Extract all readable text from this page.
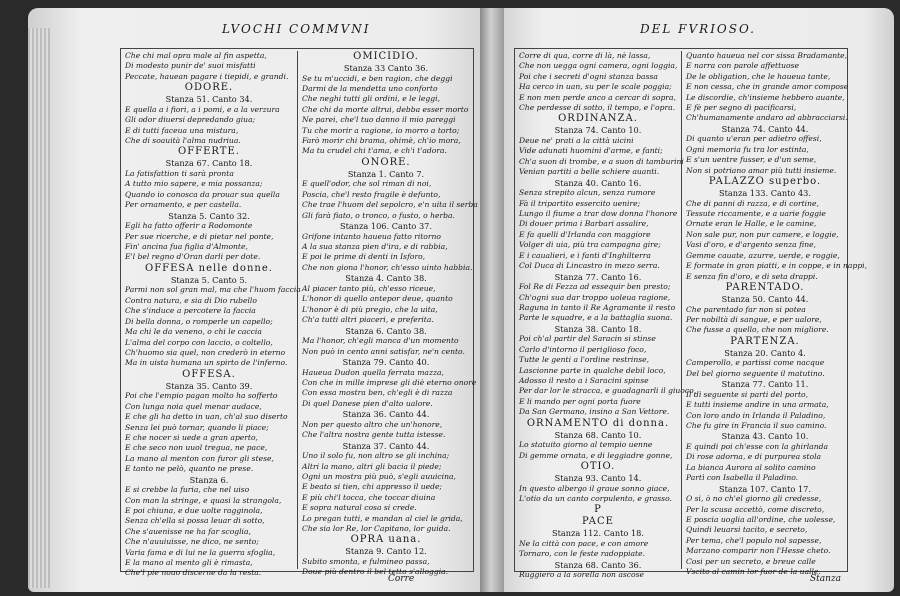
LVOCHI COMMVNI
Che chi mal opra male al fin aspetta,
Di modesto punir de' suoi misfatti
Peccate, hauean pagare i tiepidi, e grandi.
ODORE.
Stanza 51. Canto 34.
E quella a i fiori, a i pomi, e a la verzura
Gli odor diuersi depredando giua;
E di tutti faceua una mistura,
Che di soauità l'alma nudriua.
OFFERTE.
Stanza 67. Canto 18.
La fatisfattion ti sarà pronta
A tutto mio sapere, e mia possanza;
Quando io conosca da prouar sua quella
Per ornamento, e per castella.
Stanza 5. Canto 32.
Egli ha fatto offerir a Rodomonte
Per sue ricerche, e di pietar nel ponte,
Fin' ancina fua figlia d'Almonte,
E'l bel regno d'Oran darli per dote.
OFFESA nelle donne.
Stanza 5. Canto 5.
Parmi non sol gran mal, ma che l'huom faccia
Contra natura, e sia di Dio rubello
Che s'induce a percotere la faccia
Di bella donna, o romperle un capello;
Ma chi le da veneno, o chi le caccia
L'alma del corpo con laccio, o coltello,
Ch'huomo sia quel, non crederò in eterno
Ma in uista humana un spirto de l'inferno.
OFFESA.
Stanza 35. Canto 39.
Poi che l'empio pagan molto ha sofferto
Con lunga noia quel menar audace,
E che gli ha detto in uan, ch'al suo diserto
Senza lei può tornar, quando li piace;
E che nocer si uede a gran aperto,
E che seco non uuol tregua, ne pace,
La mano al menton con furor gli stese,
E tanto ne pelò, quanto ne prese.
Stanza 6.
E si crebbe la furia, che nel uiso
Con man la stringe, e quasi la strangola,
E poi chiuna, e due uolte ragginola,
Senza ch'ella si possa leuar di sotto,
Che s'auenisse ne ha far scoglia,
Che n'auuiuisse, ne dico, ne sento;
Varia fama e di lui ne la guerra sfoglia,
E la mano al mento gli è rimasta,
Che'l pie nouo discerne da la resta.
OMICIDIO.
Stanza 33 Canto 36.
Se tu m'uccidi, e ben ragion, che deggi
Darmi de la mendetta uno conforto
Che neghi tutti gli ordini, e le leggi,
Che chi da morte altrui, debba esser morto
Ne parei, che'l tuo danno il mio pareggi
Tu che morir a ragione, io morro a torto;
Farò morir chi brama, ohimè, ch'io mora,
Ma tu crudel chi t'ama, e ch'i t'adora.
ONORE.
Stanza 1. Canto 7.
E quell'odor, che sol riman di noi,
Poscia, che'l resto fragile è defunto,
Che trae l'huom del sepolcro, e'n uita il serba
Gli farà fiato, o tronco, o fusto, o herba.
Stanza 106. Canto 37.
Grifone intanto haueua fatto ritorno
A la sua stanza pien d'ira, e di rabbia,
E poi le prime di denti in Isforo,
Che non giona l'honor, ch'esso uinto habbia.
Stanza 4. Canto 38.
Al piacer tanto più, ch'esso riceue,
L'honor di quello antepor deue, quanto
L'honor è di più pregio, che la uita,
Ch'a tutti altri piaceri, e preferita.
Stanza 6. Canto 38.
Ma l'honor, ch'egli manca d'un momento
Non può in cento anni satisfar, ne'n cento.
Stanza 79. Canto 40.
Haueua Dudon quella ferrata mazza,
Con che in mille imprese gli diè eterno onore
Con essa mostra ben, ch'egli è di razza
Di quel Danese pien d'alto ualore.
Stanza 36. Canto 44.
Non per questo altro che un'honore,
Che l'altra nostra gente tutta istesse.
Stanza 37. Canto 44.
Uno il solo fu, non altro se gli inchina;
Altri la mano, altri gli bacia il piede;
Ogni un mostra più può, s'egli auuicina,
E beato si tien, chi appresso il uede;
E più chi'l tocca, che toccar diuina
E sopra natural cosa si crede.
Lo pregan tutti, e mandan al ciel le grida,
Che sia lor Re, lor Capitano, lor guida.
OPRA uana.
Stanza 9. Canto 12.
Subito smonta, e fulmineo passa,
Doue più dentro il bel tetto s'alloggia.
Corre
DEL FVRIOSO.
Corre di qua, corre di là, nè lassa,
Che non uegga ogni camera, ogni loggia,
Poi che i secreti d'ogni stanza bassa
Ha cerco in uan, su per le scale poggia;
E non men perde anco a cercar di sopra,
Che perdesse di sotto, il tempo, e l'opra.
ORDINANZA.
Stanza 74. Canto 10.
Deue ne' prati a la città uicini
Vide adunati huomini d'arme, e fanti;
Ch'a suon di trombe, e a suon di tamburini
Venian partiti a belle schiere auanti.
Stanza 40. Canto 16.
Senza strepito alcun, senza rumore
Fà il tripartito essercito uenire;
Lungo il fiume a trar dow donna l'honore
Di douer prima i Barbari assalire,
E fa quelli d'Irlanda con maggiore
Volger di uia, più tra campagna gire;
E i caualieri, e i fanti d'Inghilterra
Col Duca di Lincastro in mezo serra.
Stanza 77. Canto 16.
Fol Re di Fezza ad essequir ben presto;
Ch'ogni sua dar troppo uoleua ragione,
Raguna in tanto il Re Agramante il resto
Parte le squadre, e a la battaglia suona.
Stanza 38. Canto 18.
Poi ch'al partir del Saracin si stinse
Carlo d'intorno il periglioso foco,
Tutte le genti a l'ordine restrinse,
Lascionne parte in qualche debil loco,
Adosso il resto a i Saracini spinse
Per dar lor le stracca, e guadagnarli il giuoco,
E li mando per ogni porta fuore
Da San Germano, insino a San Vettore.
ORNAMENTO di donna.
Stanza 68. Canto 10.
Lo statuito giorno al tempio uenne
Di gemme ornata, e di leggiadre gonne,
OTIO.
Stanza 93. Canto 14.
In questo albergo il graue sonno giace,
L'otio da un canto corpulento, e grasso.
P
PACE
Stanza 112. Canto 18.
Ne la città con pace, e con amore
Tornaro, con le feste radoppiate.
Stanza 68. Canto 36.
Ruggiero a la sorella non ascose
Quanto haueua nel cor sissa Bradamante,
E narra con parole affettuose
De le obligation, che le haueua tante,
E non cessa, che in grande amor compose
Le discordie, ch'insieme hebbero auante,
E fè per segno di pacificarsi,
Ch'humanamente andaro ad abbracciarsi.
Stanza 74. Canto 44.
Di quanto u'eran per adietro offesi,
Ogni memoria fu tra lor estinta,
E s'un uentre fusser, e d'un seme,
Non si potriano amar più tutti insieme.
PALAZZO superbo.
Stanza 133. Canto 43.
Che di panni di razza, e di cortine,
Tessute riccamente, e a uarie foggie
Ornate eran le Halle, e le camine,
Non sale pur, non pur camere, e loggie,
Vasi d'oro, e d'argento senza fine,
Gemme cauate, azurre, uerde, e roggie,
E formate in gran piatti, e in coppe, e in nappi,
E senza fin d'oro, e di seta drappi.
PARENTADO.
Stanza 50. Canto 44.
Che parentado far non si potea
Per nobiltà di sangue, e per ualore,
Che fusse a quello, che non migliore.
PARTENZA.
Stanza 20. Canto 4.
Camperollo, e partissi come nacque
Del bel giorno seguente il matutino.
Stanza 77. Canto 11.
Il dì seguente si parti del porto,
E tutti insieme andire in una armata,
Con loro ando in Irlanda il Paladino,
Che fu gire in Francia il suo camino.
Stanza 43. Canto 10.
E quindi poi ch'esse con la ghirlanda
Di rose adorna, e di purpurea stola
La bianca Aurora al solito camino
Partì con Isabella il Paladino.
Stanza 107. Canto 17.
O si, ò no ch'el giorno gli credesse,
Per la scusa accettò, come discreto,
E poscia uoglia all'ordine, che uolesse,
Quindi leuarsi tacito, e secreto,
Per tema, che'l populo nol sapesse,
Marzano comparir non l'Hesse cheto.
Cosi per un secreto, e breue calle
Vscito al camin lor fuor de la ualle.
Stanza
